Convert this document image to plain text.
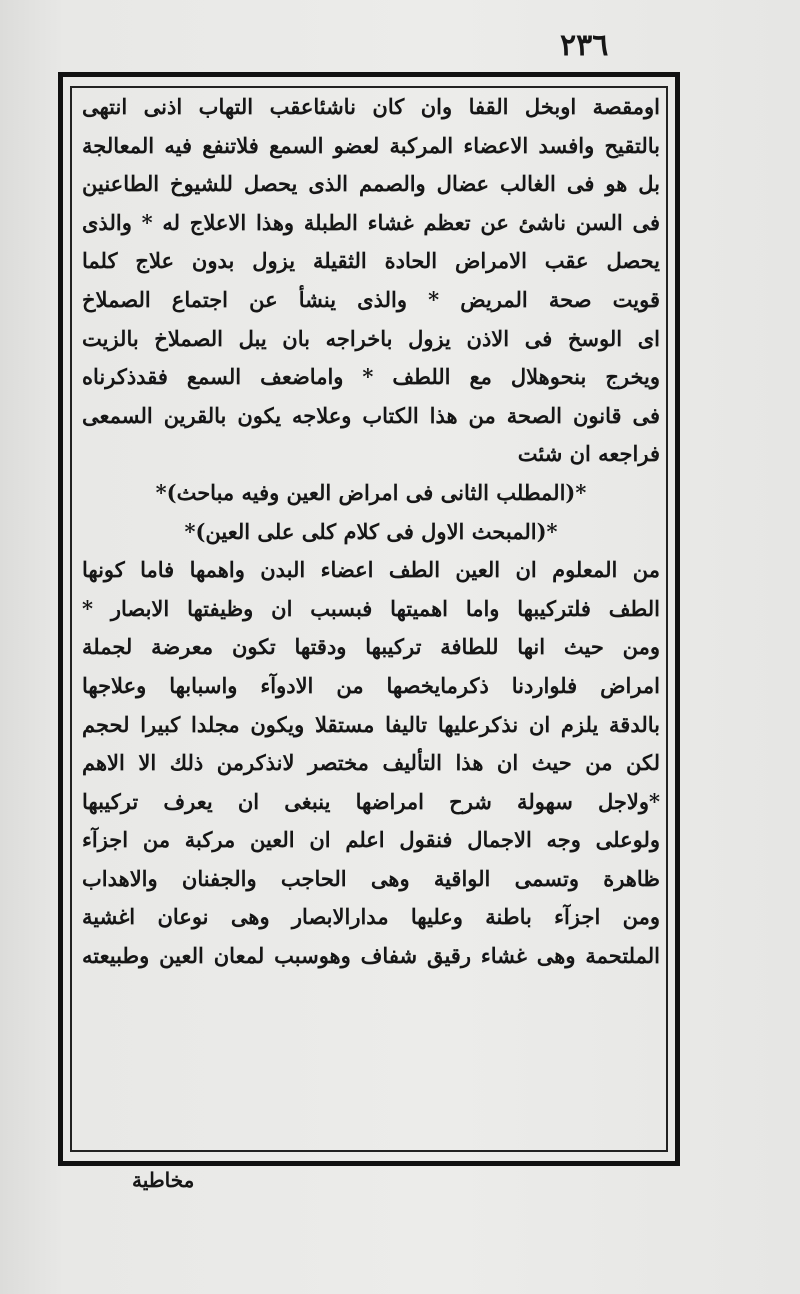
٢٣٦
اومقصة اوبخل القفا وان كان ناشئاعقب التهاب اذنى انتهى
بالتقيح وافسد الاعضاء المركبة لعضو السمع فلاتنفع فيه المعالجة
بل هو فى الغالب عضال والصمم الذى يحصل للشيوخ الطاعنين
فى السن ناشئ عن تعظم غشاء الطبلة وهذا الاعلاج له * والذى
يحصل عقب الامراض الحادة الثقيلة يزول بدون علاج كلما
قويت صحة المريض * والذى ينشأ عن اجتماع الصملاخ
اى الوسخ فى الاذن يزول باخراجه بان يبل الصملاخ بالزيت
ويخرج بنحوهلال مع اللطف * واماضعف السمع فقدذكرناه
فى قانون الصحة من هذا الكتاب وعلاجه يكون بالقرين السمعى
فراجعه ان شئت
*(المطلب الثانى فى امراض العين وفيه مباحث)*
*(المبحث الاول فى كلام كلى على العين)*
من المعلوم ان العين الطف اعضاء البدن واهمها فاما كونها
الطف فلتركيبها واما اهميتها فبسبب ان وظيفتها الابصار *
ومن حيث انها للطافة تركيبها ودقتها تكون معرضة لجملة
امراض فلواردنا ذكرمايخصها من الادوآء واسبابها وعلاجها
بالدقة يلزم ان نذكرعليها تاليفا مستقلا ويكون مجلدا كبيرا لحجم
لكن من حيث ان هذا التأليف مختصر لانذكرمن ذلك الا الاهم
*ولاجل سهولة شرح امراضها ينبغى ان يعرف تركيبها
ولوعلى وجه الاجمال فنقول اعلم ان العين مركبة من اجزآء
ظاهرة وتسمى الواقية وهى الحاجب والجفنان والاهداب
ومن اجزآء باطنة وعليها مدارالابصار وهى نوعان اغشية
الملتحمة وهى غشاء رقيق شفاف وهوسبب لمعان العين وطبيعته
مخاطية
